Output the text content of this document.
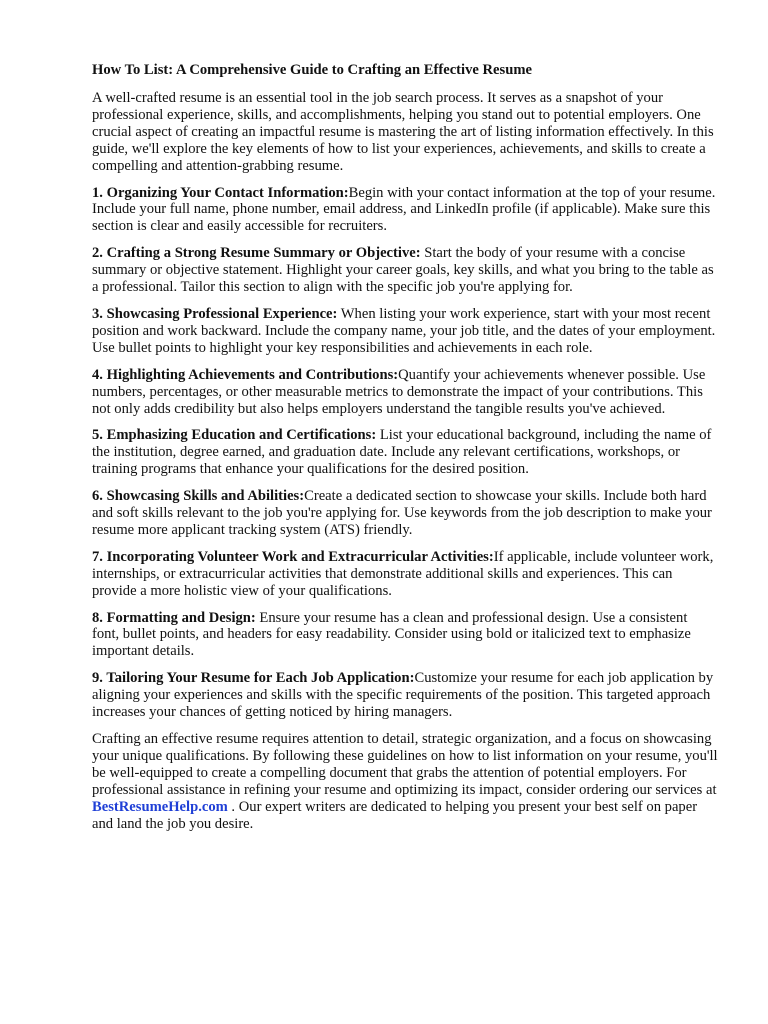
How To List: A Comprehensive Guide to Crafting an Effective Resume

A well-crafted resume is an essential tool in the job search process. It serves as a snapshot of your professional experience, skills, and accomplishments, helping you stand out to potential employers. One crucial aspect of creating an impactful resume is mastering the art of listing information effectively. In this guide, we'll explore the key elements of how to list your experiences, achievements, and skills to create a compelling and attention-grabbing resume.

1. Organizing Your Contact Information:Begin with your contact information at the top of your resume. Include your full name, phone number, email address, and LinkedIn profile (if applicable). Make sure this section is clear and easily accessible for recruiters.

2. Crafting a Strong Resume Summary or Objective: Start the body of your resume with a concise summary or objective statement. Highlight your career goals, key skills, and what you bring to the table as a professional. Tailor this section to align with the specific job you're applying for.

3. Showcasing Professional Experience: When listing your work experience, start with your most recent position and work backward. Include the company name, your job title, and the dates of your employment. Use bullet points to highlight your key responsibilities and achievements in each role.

4. Highlighting Achievements and Contributions:Quantify your achievements whenever possible. Use numbers, percentages, or other measurable metrics to demonstrate the impact of your contributions. This not only adds credibility but also helps employers understand the tangible results you've achieved.

5. Emphasizing Education and Certifications: List your educational background, including the name of the institution, degree earned, and graduation date. Include any relevant certifications, workshops, or training programs that enhance your qualifications for the desired position.

6. Showcasing Skills and Abilities:Create a dedicated section to showcase your skills. Include both hard and soft skills relevant to the job you're applying for. Use keywords from the job description to make your resume more applicant tracking system (ATS) friendly.

7. Incorporating Volunteer Work and Extracurricular Activities:If applicable, include volunteer work, internships, or extracurricular activities that demonstrate additional skills and experiences. This can provide a more holistic view of your qualifications.

8. Formatting and Design: Ensure your resume has a clean and professional design. Use a consistent font, bullet points, and headers for easy readability. Consider using bold or italicized text to emphasize important details.

9. Tailoring Your Resume for Each Job Application:Customize your resume for each job application by aligning your experiences and skills with the specific requirements of the position. This targeted approach increases your chances of getting noticed by hiring managers.

Crafting an effective resume requires attention to detail, strategic organization, and a focus on showcasing your unique qualifications. By following these guidelines on how to list information on your resume, you'll be well-equipped to create a compelling document that grabs the attention of potential employers. For professional assistance in refining your resume and optimizing its impact, consider ordering our services at BestResumeHelp.com . Our expert writers are dedicated to helping you present your best self on paper and land the job you desire.
